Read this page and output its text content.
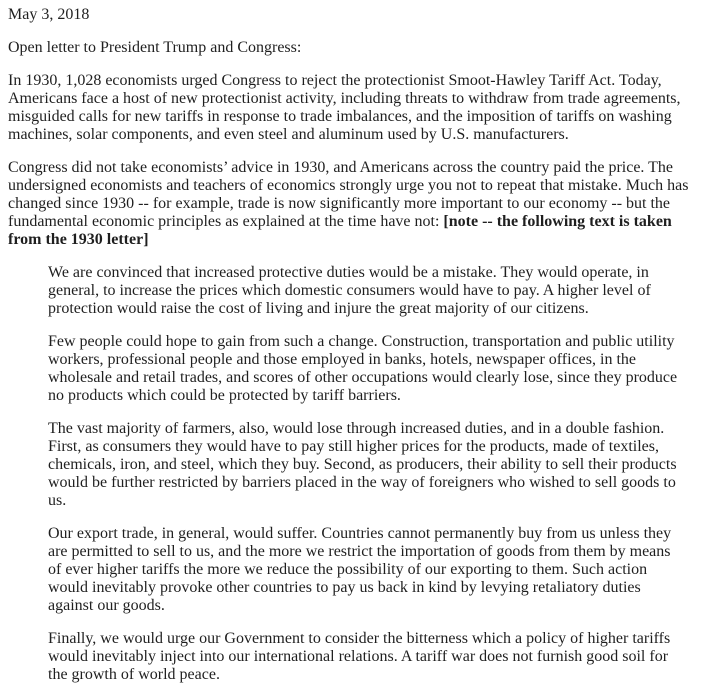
May 3, 2018

Open letter to President Trump and Congress:

In 1930, 1,028 economists urged Congress to reject the protectionist Smoot-Hawley Tariff Act. Today, Americans face a host of new protectionist activity, including threats to withdraw from trade agreements, misguided calls for new tariffs in response to trade imbalances, and the imposition of tariffs on washing machines, solar components, and even steel and aluminum used by U.S. manufacturers.

Congress did not take economists’ advice in 1930, and Americans across the country paid the price. The undersigned economists and teachers of economics strongly urge you not to repeat that mistake. Much has changed since 1930 -- for example, trade is now significantly more important to our economy -- but the fundamental economic principles as explained at the time have not: [note -- the following text is taken from the 1930 letter]

We are convinced that increased protective duties would be a mistake. They would operate, in general, to increase the prices which domestic consumers would have to pay. A higher level of protection would raise the cost of living and injure the great majority of our citizens.

Few people could hope to gain from such a change. Construction, transportation and public utility workers, professional people and those employed in banks, hotels, newspaper offices, in the wholesale and retail trades, and scores of other occupations would clearly lose, since they produce no products which could be protected by tariff barriers.

The vast majority of farmers, also, would lose through increased duties, and in a double fashion. First, as consumers they would have to pay still higher prices for the products, made of textiles, chemicals, iron, and steel, which they buy. Second, as producers, their ability to sell their products would be further restricted by barriers placed in the way of foreigners who wished to sell goods to us.

Our export trade, in general, would suffer. Countries cannot permanently buy from us unless they are permitted to sell to us, and the more we restrict the importation of goods from them by means of ever higher tariffs the more we reduce the possibility of our exporting to them. Such action would inevitably provoke other countries to pay us back in kind by levying retaliatory duties against our goods.

Finally, we would urge our Government to consider the bitterness which a policy of higher tariffs would inevitably inject into our international relations. A tariff war does not furnish good soil for the growth of world peace.
